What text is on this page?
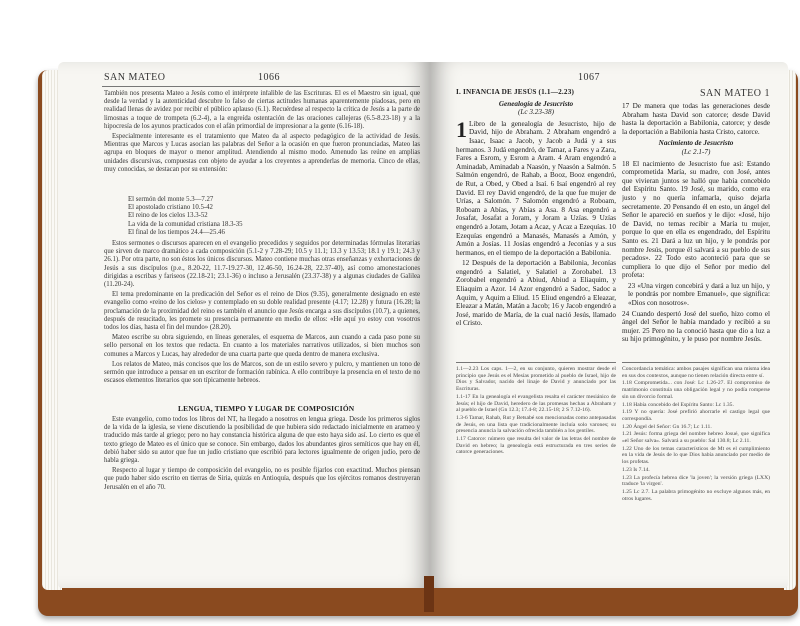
SAN MATEO	1066

También nos presenta Mateo a Jesús como el intérprete infalible de las Escrituras. Él es el Maestro sin igual, que desde la verdad y la autenticidad descubre lo falso de ciertas actitudes humanas aparentemente piadosas, pero en realidad llenas de avidez por recibir el público aplauso (6.1). Recuérdese al respecto la crítica de Jesús a la parte de limosnas a toque de trompeta (6.2-4), a la engreída ostentación de las oraciones callejeras (6.5-8.23-18) y a la hipocresía de los ayunos practicados con el afán primordial de impresionar a la gente (6.16-18).

Especialmente interesante es el tratamiento que Mateo da al aspecto pedagógico de la actividad de Jesús. Mientras que Marcos y Lucas asocian las palabras del Señor a la ocasión en que fueron pronunciadas, Mateo las agrupa en bloques de mayor o menor amplitud. Atendiendo al mismo modo. Amenudo las reúne en amplias unidades discursivas, compuestas con objeto de ayudar a los creyentes a aprenderlas de memoria. Cinco de ellas, muy conocidas, se destacan por su extensión:

El sermón del monte 5.3—7.27
El apostolado cristiano 10.5-42
El reino de los cielos 13.3-52
La vida de la comunidad cristiana 18.3-35
El final de los tiempos 24.4—25.46

Estos sermones o discursos aparecen en el evangelio precedidos y seguidos por determinadas fórmulas literarias que sirven de marco dramático a cada composición (5.1-2 y 7.28-29; 10.5 y 11.1; 13.3 y 13.53; 18.1 y 19.1; 24.3 y 26.1). Por otra parte, no son éstos los únicos discursos. Mateo contiene muchas otras enseñanzas y exhortaciones de Jesús a sus discípulos (p.e., 8.20-22, 11.7-19.27-30, 12.46-50, 16.24-28, 22.37-40), así como amonestaciones dirigidas a escribas y fariseos (22.18-21; 23.1-36) o incluso a Jerusalén (23.37-38) y a algunas ciudades de Galilea (11.20-24).

El tema predominante en la predicación del Señor es el reino de Dios (9.35), generalmente designado en este evangelio como «reino de los cielos» y contemplado en su doble realidad presente (4.17; 12.28) y futura (16.28; la proclamación de la proximidad del reino es también el anuncio que Jesús encarga a sus discípulos (10.7), a quienes, después de resucitado, les promete su presencia permanente en medio de ellos: «He aquí yo estoy con vosotros todos los días, hasta el fin del mundo» (28.20).

Mateo escribe su obra siguiendo, en líneas generales, el esquema de Marcos, aun cuando a cada paso pone su sello personal en los textos que redacta. En cuanto a los materiales narrativos utilizados, si bien muchos son comunes a Marcos y Lucas, hay alrededor de una cuarta parte que queda dentro de manera exclusiva.

Los relatos de Mateo, más concisos que los de Marcos, son de un estilo severo y pulcro, y mantienen un tono de sermón que introduce a pensar en un escritor de formación rabínica. A ello contribuye la presencia en el texto de no escasos elementos literarios que son típicamente hebreos.

LENGUA, TIEMPO Y LUGAR DE COMPOSICIÓN

Este evangelio, como todos los libros del NT, ha llegado a nosotros en lengua griega. Desde los primeros siglos de la vida de la iglesia, se viene discutiendo la posibilidad de que hubiera sido redactado inicialmente en arameo y traducido más tarde al griego; pero no hay constancia histórica alguna de que esto haya sido así. Lo cierto es que el texto griego de Mateo es el único que se conoce. Sin embargo, dados los abundantes giros semíticos que hay en él, debió haber sido su autor que fue un judío cristiano que escribió para lectores igualmente de origen judío, pero de habla griega.

Respecto al lugar y tiempo de composición del evangelio, no es posible fijarlos con exactitud. Muchos piensan que pudo haber sido escrito en tierras de Siria, quizás en Antioquía, después que los ejércitos romanos destruyeran Jerusalén en el año 70.

1067
SAN MATEO 1
I. INFANCIA DE JESÚS (1.1—2.23)
Genealogía de Jesucristo
(Lc 3.23-38)

1 Libro de la genealogía de Jesucristo, hijo de David, hijo de Abraham. 2 Abraham engendró a Isaac, Isaac a Jacob, y Jacob a Judá y a sus hermanos. 3 Judá engendró, de Tamar, a Fares y a Zara, Fares a Esrom, y Esrom a Aram. 4 Aram engendró a Aminadab, Aminadab a Naasón, y Naasón a Salmón. 5 Salmón engendró, de Rahab, a Booz, Booz engendró, de Rut, a Obed, y Obed a Isaí. 6 Isaí engendró al rey David. El rey David engendró, de la que fue mujer de Urías, a Salomón. 7 Salomón engendró a Roboam, Roboam a Abías, y Abías a Asa. 8 Asa engendró a Josafat, Josafat a Joram, y Joram a Uzías. 9 Uzías engendró a Jotam, Jotam a Acaz, y Acaz a Ezequías. 10 Ezequías engendró a Manasés, Manasés a Amón, y Amón a Josías. 11 Josías engendró a Jeconías y a sus hermanos, en el tiempo de la deportación a Babilonia.

12 Después de la deportación a Babilonia, Jeconías engendró a Salatiel, y Salatiel a Zorobabel. 13 Zorobabel engendró a Abiud, Abiud a Eliaquim, y Eliaquim a Azor. 14 Azor engendró a Sadoc, Sadoc a Aquim, y Aquim a Eliud. 15 Eliud engendró a Eleazar, Eleazar a Matán, Matán a Jacob; 16 y Jacob engendró a José, marido de María, de la cual nació Jesús, llamado el Cristo.

17 De manera que todas las generaciones desde Abraham hasta David son catorce; desde David hasta la deportación a Babilonia, catorce; y desde la deportación a Babilonia hasta Cristo, catorce.

Nacimiento de Jesucristo
(Lc 2.1-7)

18 El nacimiento de Jesucristo fue así: Estando comprometida María, su madre, con José, antes que vivieran juntos se halló que había concebido del Espíritu Santo. 19 José, su marido, como era justo y no quería infamarla, quiso dejarla secretamente. 20 Pensando él en esto, un ángel del Señor le apareció en sueños y le dijo: «José, hijo de David, no temas recibir a María tu mujer, porque lo que en ella es engendrado, del Espíritu Santo es. 21 Dará a luz un hijo, y le pondrás por nombre Jesús, porque él salvará a su pueblo de sus pecados». 22 Todo esto aconteció para que se cumpliera lo que dijo el Señor por medio del profeta:

23 «Una virgen concebirá y dará a luz un hijo, y le pondrás por nombre Emanuel», que significa: «Dios con nosotros».

24 Cuando despertó José del sueño, hizo como el ángel del Señor le había mandado y recibió a su mujer. 25 Pero no la conoció hasta que dio a luz a su hijo primogénito, y le puso por nombre Jesús.

1.1—2.23 Los caps. 1—2, en su conjunto, quieren mostrar desde el principio que Jesús es el Mesías prometido al pueblo de Israel, hijo de Dios y Salvador, nacido del linaje de David y anunciado por las Escrituras.

1.1-17 En la genealogía el evangelista resalta el carácter mesiánico de Jesús; el hijo de David, heredero de las promesas hechas a Abraham y al pueblo de Israel (Gn 12.3; 17.4-8; 22.15-18; 2 S 7.12-16).

1.3-6 Tamar, Rahab, Rut y Betsabé son mencionadas como antepasadas de Jesús, en una lista que tradicionalmente incluía solo varones; su presencia anuncia la salvación ofrecida también a los gentiles.

1.17 Catorce: número que resulta del valor de las letras del nombre de David en hebreo; la genealogía está estructurada en tres series de catorce generaciones.

Concordancia temática: ambos pasajes significan una misma idea en sus dos contextos, aunque no tienen relación directa entre sí.

1.18 Comprometida... con José: Lc 1.26-27. El compromiso de matrimonio constituía una obligación legal y no podía romperse sin un divorcio formal.

1.18 Había concebido del Espíritu Santo: Lc 1.35.

1.19 Y no quería: José prefirió ahorrarle el castigo legal que correspondía.

1.20 Ángel del Señor: Gn 16.7; Lc 1.11.

1.21 Jesús: forma griega del nombre hebreo Josué, que significa «el Señor salva». Salvará a su pueblo: Sal 130.8; Lc 2.11.

1.22 Uno de los temas característicos de Mt es el cumplimiento en la vida de Jesús de lo que Dios había anunciado por medio de los profetas.

1.23 Is 7.14.

1.23 La profecía hebrea dice 'la joven'; la versión griega (LXX) traduce 'la virgen'.

1.25 Lc 2.7. La palabra primogénito no excluye algunos más, en otros lugares.
